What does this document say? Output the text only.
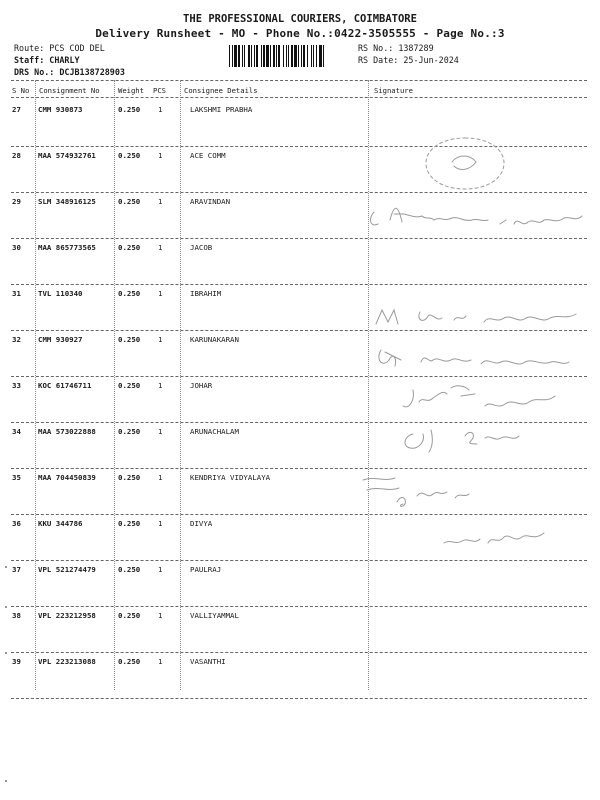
THE PROFESSIONAL COURIERS, COIMBATORE
Delivery Runsheet - MO - Phone No.:0422-3505555 - Page No.:3
Route: PCS COD DEL
Staff: CHARLY
DRS No.: DCJB138728903
RS No.: 1387289
RS Date: 25-Jun-2024
S No Consignment No	Weight PCS	Consignee Details	Signature
27 CMM 930873	0.250 1	LAKSHMI PRABHA
28 MAA 574932761	0.250 1	ACE COMM
29 SLM 348916125	0.250 1	ARAVINDAN
30 MAA 865773565	0.250 1	JACOB
31 TVL 110340	0.250 1	IBRAHIM
32 CMM 930927	0.250 1	KARUNAKARAN
33 KOC 61746711	0.250 1	JOHAR
34 MAA 573022888	0.250 1	ARUNACHALAM
35 MAA 704450839	0.250 1	KENDRIYA VIDYALAYA
36 KKU 344786	0.250 1	DIVYA
37 VPL 521274479	0.250 1	PAULRAJ
38 VPL 223212958	0.250 1	VALLIYAMMAL
39 VPL 223213088	0.250 1	VASANTHI
